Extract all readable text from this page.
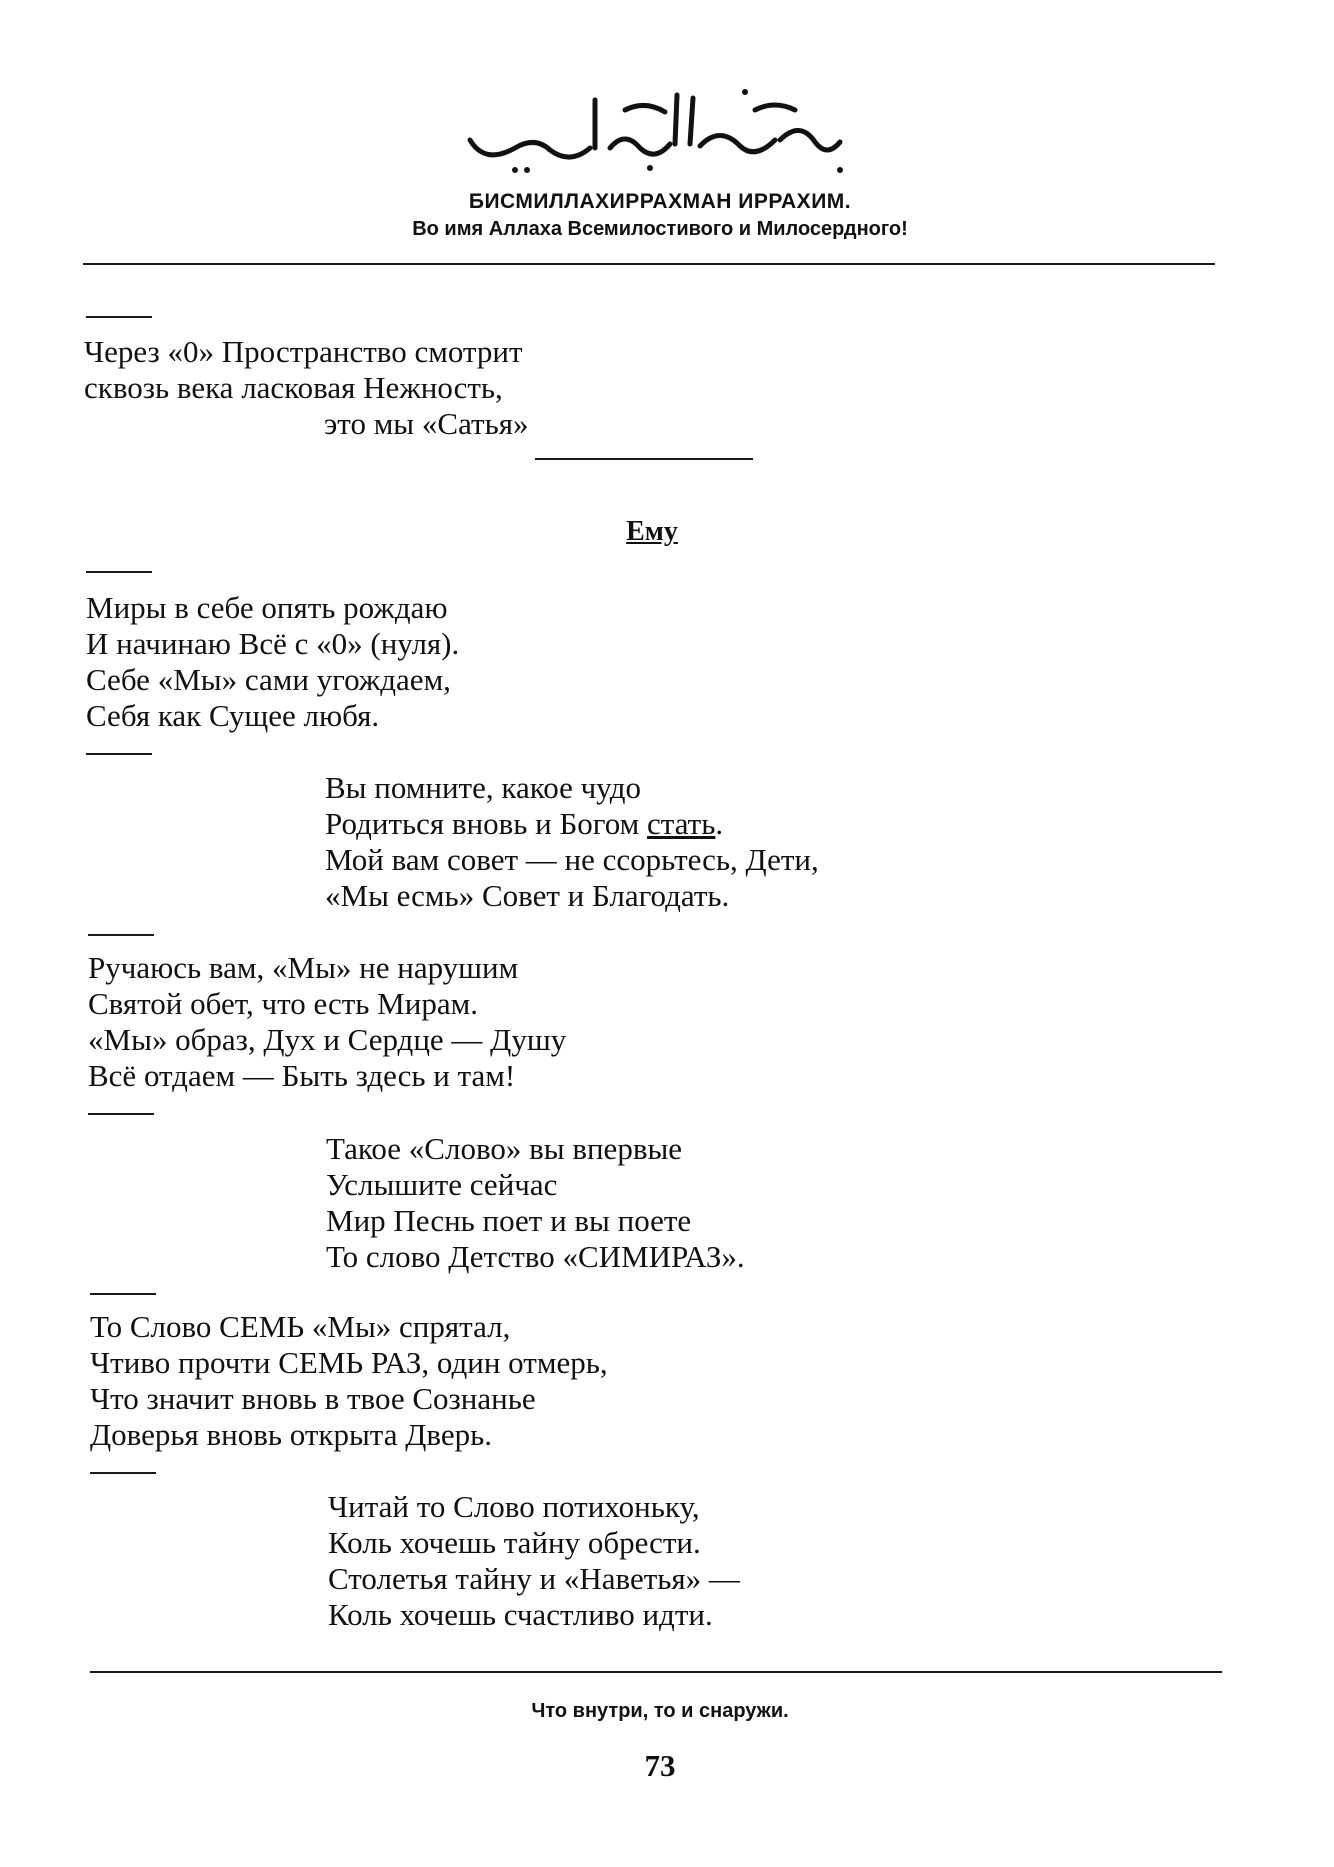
БИСМИЛЛАХИРРАХМАН ИРРАХИМ.
Во имя Аллаха Всемилостивого и Милосердного!
Через «0» Пространство смотрит
сквозь века ласковая Нежность,
это мы «Сатья»
Ему
Миры в себе опять рождаю
И начинаю Всё с «0» (нуля).
Себе «Мы» сами угождаем,
Себя как Сущее любя.
Вы помните, какое чудо
Родиться вновь и Богом стать.
Мой вам совет — не ссорьтесь, Дети,
«Мы есмь» Совет и Благодать.
Ручаюсь вам, «Мы» не нарушим
Святой обет, что есть Мирам.
«Мы» образ, Дух и Сердце — Душу
Всё отдаем — Быть здесь и там!
Такое «Слово» вы впервые
Услышите сейчас
Мир Песнь поет и вы поете
То слово Детство «СИМИРАЗ».
То Слово СЕМЬ «Мы» спрятал,
Чтиво прочти СЕМЬ РАЗ, один отмерь,
Что значит вновь в твое Сознанье
Доверья вновь открыта Дверь.
Читай то Слово потихоньку,
Коль хочешь тайну обрести.
Столетья тайну и «Наветья» —
Коль хочешь счастливо идти.
Что внутри, то и снаружи.
73
